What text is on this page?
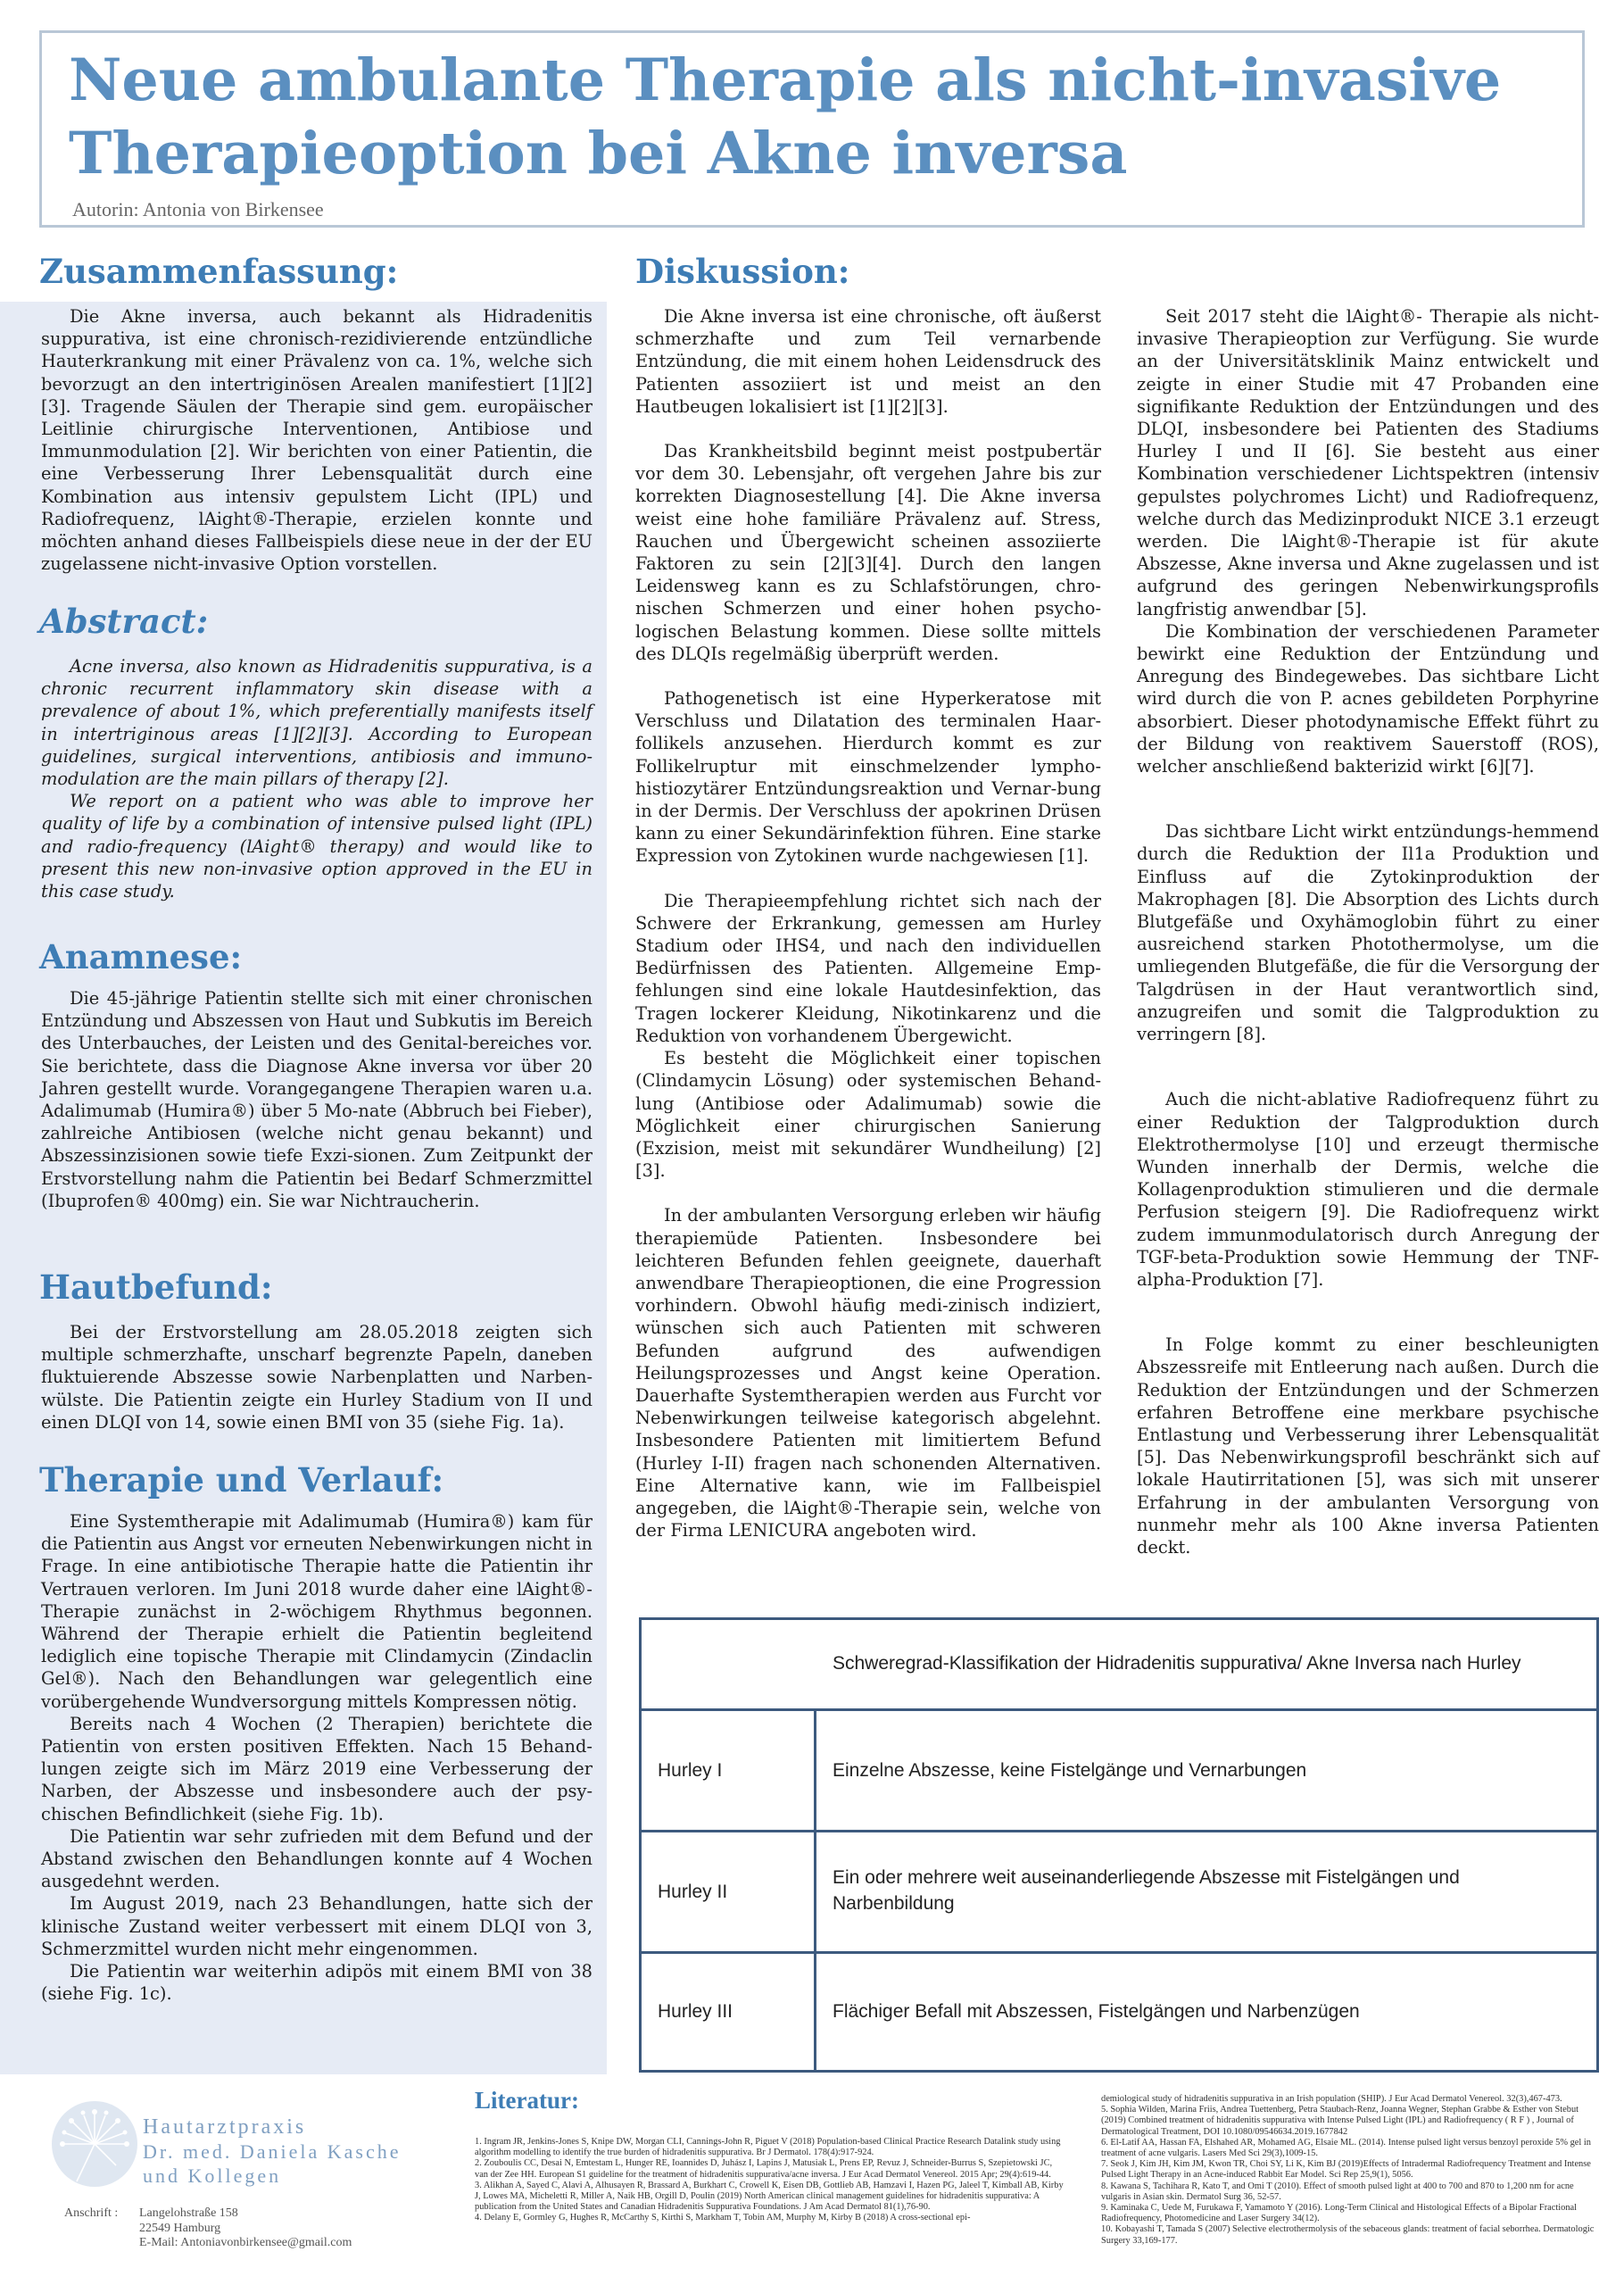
Neue ambulante Therapie als nicht-invasive Therapieoption bei Akne inversa
Autorin: Antonia von Birkensee
Zusammenfassung:

Die Akne inversa, auch bekannt als Hidradenitis suppurativa, ist eine chronisch-rezidivierende entzündliche Hauterkrankung mit einer Prävalenz von ca. 1%, welche sich bevorzugt an den intertriginösen Arealen manifestiert [1][2][3]. Tragende Säulen der Therapie sind gem. europäischer Leitlinie chirurgische Interventionen, Antibiose und Immunmodulation [2]. Wir berichten von einer Patientin, die eine Verbesserung Ihrer Lebensqualität durch eine Kombination aus intensiv gepulstem Licht (IPL) und Radiofrequenz, lAight®-Therapie, erzielen konnte und möchten anhand dieses Fallbeispiels diese neue in der der EU zugelassene nicht-invasive Option vorstellen.

Abstract:

Acne inversa, also known as Hidradenitis suppurativa, is a chronic recurrent inflammatory skin disease with a prevalence of about 1%, which preferentially manifests itself in intertriginous areas [1][2][3]. According to European guidelines, surgical interventions, antibiosis and immuno-modulation are the main pillars of therapy [2].

We report on a patient who was able to improve her quality of life by a combination of intensive pulsed light (IPL) and radio-frequency (lAight® therapy) and would like to present this new non-invasive option approved in the EU in this case study.

Anamnese:

Die 45-jährige Patientin stellte sich mit einer chronischen Entzündung und Abszessen von Haut und Subkutis im Bereich des Unterbauches, der Leisten und des Genital-bereiches vor. Sie berichtete, dass die Diagnose Akne inversa vor über 20 Jahren gestellt wurde. Vorangegangene Therapien waren u.a. Adalimumab (Humira®) über 5 Mo-nate (Abbruch bei Fieber), zahlreiche Antibiosen (welche nicht genau bekannt) und Abszessinzisionen sowie tiefe Exzi-sionen. Zum Zeitpunkt der Erstvorstellung nahm die Patientin bei Bedarf Schmerzmittel (Ibuprofen® 400mg) ein. Sie war Nichtraucherin.

Hautbefund:

Bei der Erstvorstellung am 28.05.2018 zeigten sich multiple schmerzhafte, unscharf begrenzte Papeln, daneben fluktuierende Abszesse sowie Narbenplatten und Narben-wülste. Die Patientin zeigte ein Hurley Stadium von II und einen DLQI von 14, sowie einen BMI von 35 (siehe Fig. 1a).

Therapie und Verlauf:

Eine Systemtherapie mit Adalimumab (Humira®) kam für die Patientin aus Angst vor erneuten Nebenwirkungen nicht in Frage. In eine antibiotische Therapie hatte die Patientin ihr Vertrauen verloren. Im Juni 2018 wurde daher eine lAight®-Therapie zunächst in 2-wöchigem Rhythmus begonnen. Während der Therapie erhielt die Patientin begleitend lediglich eine topische Therapie mit Clindamycin (Zindaclin Gel®). Nach den Behandlungen war gelegentlich eine vorübergehende Wundversorgung mittels Kompressen nötig.

Bereits nach 4 Wochen (2 Therapien) berichtete die Patientin von ersten positiven Effekten. Nach 15 Behand-lungen zeigte sich im März 2019 eine Verbesserung der Narben, der Abszesse und insbesondere auch der psy-chischen Befindlichkeit (siehe Fig. 1b).

Die Patientin war sehr zufrieden mit dem Befund und der Abstand zwischen den Behandlungen konnte auf 4 Wochen ausgedehnt werden.

Im August 2019, nach 23 Behandlungen, hatte sich der klinische Zustand weiter verbessert mit einem DLQI von 3, Schmerzmittel wurden nicht mehr eingenommen.

Die Patientin war weiterhin adipös mit einem BMI von 38 (siehe Fig. 1c).

Diskussion:

Die Akne inversa ist eine chronische, oft äußerst schmerzhafte und zum Teil vernarbende Entzündung, die mit einem hohen Leidensdruck des Patienten assoziiert ist und meist an den Hautbeugen lokalisiert ist [1][2][3].

Das Krankheitsbild beginnt meist postpubertär vor dem 30. Lebensjahr, oft vergehen Jahre bis zur korrekten Diagnosestellung [4]. Die Akne inversa weist eine hohe familiäre Prävalenz auf. Stress, Rauchen und Übergewicht scheinen assoziierte Faktoren zu sein [2][3][4]. Durch den langen Leidensweg kann es zu Schlafstörungen, chro-nischen Schmerzen und einer hohen psycho-logischen Belastung kommen. Diese sollte mittels des DLQIs regelmäßig überprüft werden.

Pathogenetisch ist eine Hyperkeratose mit Verschluss und Dilatation des terminalen Haar-follikels anzusehen. Hierdurch kommt es zur Follikelruptur mit einschmelzender lympho-histiozytärer Entzündungsreaktion und Vernar-bung in der Dermis. Der Verschluss der apokrinen Drüsen kann zu einer Sekundärinfektion führen. Eine starke Expression von Zytokinen wurde nachgewiesen [1].

Die Therapieempfehlung richtet sich nach der Schwere der Erkrankung, gemessen am Hurley Stadium oder IHS4, und nach den individuellen Bedürfnissen des Patienten. Allgemeine Emp-fehlungen sind eine lokale Hautdesinfektion, das Tragen lockerer Kleidung, Nikotinkarenz und die Reduktion von vorhandenem Übergewicht.

Es besteht die Möglichkeit einer topischen (Clindamycin Lösung) oder systemischen Behand-lung (Antibiose oder Adalimumab) sowie die Möglichkeit einer chirurgischen Sanierung (Exzision, meist mit sekundärer Wundheilung) [2][3].

In der ambulanten Versorgung erleben wir häufig therapiemüde Patienten. Insbesondere bei leichteren Befunden fehlen geeignete, dauerhaft anwendbare Therapieoptionen, die eine Progression vorhindern. Obwohl häufig medi-zinisch indiziert, wünschen sich auch Patienten mit schweren Befunden aufgrund des aufwendigen Heilungsprozesses und Angst keine Operation. Dauerhafte Systemtherapien werden aus Furcht vor Nebenwirkungen teilweise kategorisch abgelehnt. Insbesondere Patienten mit limitiertem Befund (Hurley I-II) fragen nach schonenden Alternativen. Eine Alternative kann, wie im Fallbeispiel angegeben, die lAight®-Therapie sein, welche von der Firma LENICURA angeboten wird.

Seit 2017 steht die lAight®- Therapie als nicht-invasive Therapieoption zur Verfügung. Sie wurde an der Universitätsklinik Mainz entwickelt und zeigte in einer Studie mit 47 Probanden eine signifikante Reduktion der Entzündungen und des DLQI, insbesondere bei Patienten des Stadiums Hurley I und II [6]. Sie besteht aus einer Kombination verschiedener Lichtspektren (intensiv gepulstes polychromes Licht) und Radiofrequenz, welche durch das Medizinprodukt NICE 3.1 erzeugt werden. Die lAight®-Therapie ist für akute Abszesse, Akne inversa und Akne zugelassen und ist aufgrund des geringen Nebenwirkungsprofils langfristig anwendbar [5].

Die Kombination der verschiedenen Parameter bewirkt eine Reduktion der Entzündung und Anregung des Bindegewebes. Das sichtbare Licht wird durch die von P. acnes gebildeten Porphyrine absorbiert. Dieser photodynamische Effekt führt zu der Bildung von reaktivem Sauerstoff (ROS), welcher anschließend bakterizid wirkt [6][7].

Das sichtbare Licht wirkt entzündungs-hemmend durch die Reduktion der Il1a Produktion und Einfluss auf die Zytokinproduktion der Makrophagen [8]. Die Absorption des Lichts durch Blutgefäße und Oxyhämoglobin führt zu einer ausreichend starken Photothermolyse, um die umliegenden Blutgefäße, die für die Versorgung der Talgdrüsen in der Haut verantwortlich sind, anzugreifen und somit die Talgproduktion zu verringern [8].

Auch die nicht-ablative Radiofrequenz führt zu einer Reduktion der Talgproduktion durch Elektrothermolyse [10] und erzeugt thermische Wunden innerhalb der Dermis, welche die Kollagenproduktion stimulieren und die dermale Perfusion steigern [9]. Die Radiofrequenz wirkt zudem immunmodulatorisch durch Anregung der TGF-beta-Produktion sowie Hemmung der TNF-alpha-Produktion [7].

In Folge kommt zu einer beschleunigten Abszessreife mit Entleerung nach außen. Durch die Reduktion der Entzündungen und der Schmerzen erfahren Betroffene eine merkbare psychische Entlastung und Verbesserung ihrer Lebensqualität [5]. Das Nebenwirkungsprofil beschränkt sich auf lokale Hautirritationen [5], was sich mit unserer Erfahrung in der ambulanten Versorgung von nunmehr mehr als 100 Akne inversa Patienten deckt.

Schweregrad-Klassifikation der Hidradenitis suppurativa/ Akne Inversa nach Hurley
Hurley I	Einzelne Abszesse, keine Fistelgänge und Vernarbungen
Hurley II
Ein oder mehrere weit auseinanderliegende Abszesse mit Fistelgängen und Narbenbildung
Hurley III	Flächiger Befall mit Abszessen, Fistelgängen und Narbenzügen
Hautarztpraxis
Dr. med. Daniela Kasche
und Kollegen
Anschrift : Langelohstraße 158
22549 Hamburg
E-Mail: Antoniavonbirkensee@gmail.com
Literatur:
1. Ingram JR, Jenkins-Jones S, Knipe DW, Morgan CLI, Cannings-John R, Piguet V (2018) Population-based Clinical Practice Research Datalink study using algorithm modelling to identify the true burden of hidradenitis suppurativa. Br J Dermatol. 178(4):917-924.
2. Zouboulis CC, Desai N, Emtestam L, Hunger RE, Ioannides D, Juhász I, Lapins J, Matusiak L, Prens EP, Revuz J, Schneider-Burrus S, Szepietowski JC, van der Zee HH. European S1 guideline for the treatment of hidradenitis suppurativa/acne inversa. J Eur Acad Dermatol Venereol. 2015 Apr; 29(4):619-44.
3. Alikhan A, Sayed C, Alavi A, Alhusayen R, Brassard A, Burkhart C, Crowell K, Eisen DB, Gottlieb AB, Hamzavi I, Hazen PG, Jaleel T, Kimball AB, Kirby J, Lowes MA, Micheletti R, Miller A, Naik HB, Orgill D, Poulin (2019) North American clinical management guidelines for hidradenitis suppurativa: A publication from the United States and Canadian Hidradenitis Suppurativa Foundations. J Am Acad Dermatol 81(1),76-90.
4. Delany E, Gormley G, Hughes R, McCarthy S, Kirthi S, Markham T, Tobin AM, Murphy M, Kirby B (2018) A cross-sectional epi-
demiological study of hidradenitis suppurativa in an Irish population (SHIP). J Eur Acad Dermatol Venereol. 32(3),467-473.
5. Sophia Wilden, Marina Friis, Andrea Tuettenberg, Petra Staubach-Renz, Joanna Wegner, Stephan Grabbe & Esther von Stebut (2019) Combined treatment of hidradenitis suppurativa with Intense Pulsed Light (IPL) and Radiofrequency ( R F ) , Journal of Dermatological Treatment, DOI 10.1080/09546634.2019.1677842
6. El-Latif AA, Hassan FA, Elshahed AR, Mohamed AG, Elsaie ML. (2014). Intense pulsed light versus benzoyl peroxide 5% gel in treatment of acne vulgaris. Lasers Med Sci 29(3),1009-15.
7. Seok J, Kim JH, Kim JM, Kwon TR, Choi SY, Li K, Kim BJ (2019)Effects of Intradermal Radiofrequency Treatment and Intense Pulsed Light Therapy in an Acne-induced Rabbit Ear Model. Sci Rep 25,9(1), 5056.
8. Kawana S, Tachihara R, Kato T, and Omi T (2010). Effect of smooth pulsed light at 400 to 700 and 870 to 1,200 nm for acne vulgaris in Asian skin. Dermatol Surg 36, 52-57.
9. Kaminaka C, Uede M, Furukawa F, Yamamoto Y (2016). Long-Term Clinical and Histological Effects of a Bipolar Fractional Radiofrequency, Photomedicine and Laser Surgery 34(12).
10. Kobayashi T, Tamada S (2007) Selective electrothermolysis of the sebaceous glands: treatment of facial seborrhea. Dermatologic Surgery 33,169-177.
